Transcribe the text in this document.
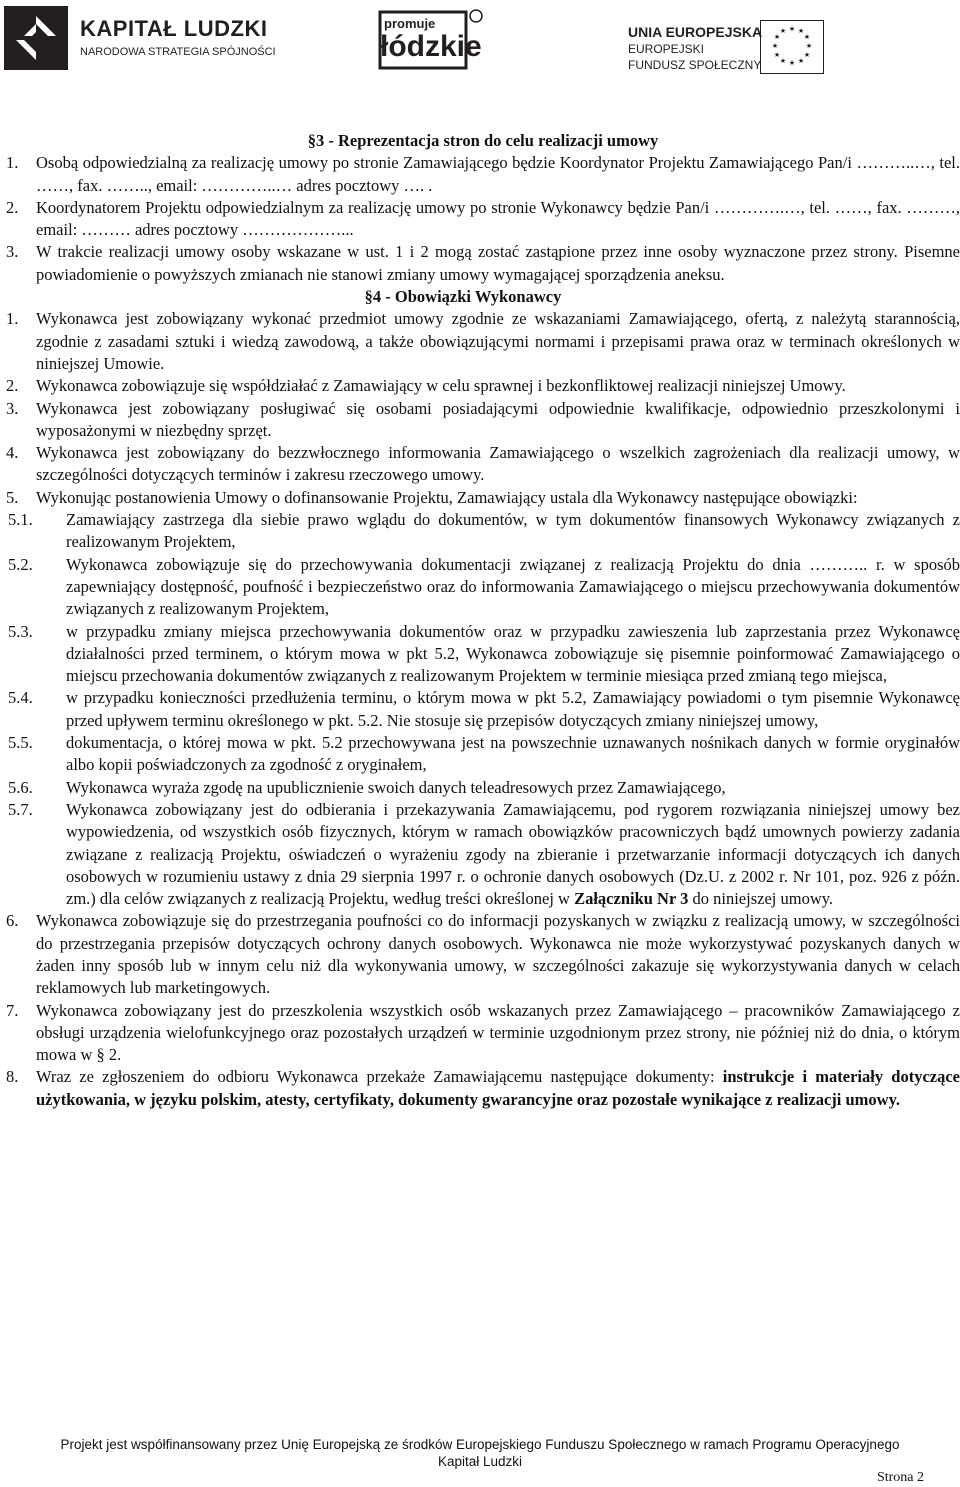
KAPITAŁ LUDZKI
NARODOWA STRATEGIA SPÓJNOŚCI
promuje
łódzkie	UNIA EUROPEJSKA
EUROPEJSKI
FUNDUSZ SPOŁECZNY
★ ★
★
★
★
★
★
★
★
★
★
★

§3 - Reprezentacja stron do celu realizacji umowy

1.	Osobą odpowiedzialną za realizację umowy po stronie Zamawiającego będzie Koordynator Projektu Zamawiającego Pan/i ………..…, tel. ……, fax. …….., email: …………..… adres pocztowy …. .
2.	Koordynatorem Projektu odpowiedzialnym za realizację umowy po stronie Wykonawcy będzie Pan/i ………….…, tel. ……, fax. ………, email: ……… adres pocztowy ………………...
3.	W trakcie realizacji umowy osoby wskazane w ust. 1 i 2 mogą zostać zastąpione przez inne osoby wyznaczone przez strony. Pisemne powiadomienie o powyższych zmianach nie stanowi zmiany umowy wymagającej sporządzenia aneksu.

§4 - Obowiązki Wykonawcy

1.	Wykonawca jest zobowiązany wykonać przedmiot umowy zgodnie ze wskazaniami Zamawiającego, ofertą, z należytą starannością, zgodnie z zasadami sztuki i wiedzą zawodową, a także obowiązującymi normami i przepisami prawa oraz w terminach określonych w niniejszej Umowie.
2.	Wykonawca zobowiązuje się współdziałać z Zamawiający w celu sprawnej i bezkonfliktowej realizacji niniejszej Umowy.
3.	Wykonawca jest zobowiązany posługiwać się osobami posiadającymi odpowiednie kwalifikacje, odpowiednio przeszkolonymi i wyposażonymi w niezbędny sprzęt.
4.	Wykonawca jest zobowiązany do bezzwłocznego informowania Zamawiającego o wszelkich zagrożeniach dla realizacji umowy, w szczególności dotyczących terminów i zakresu rzeczowego umowy.
5.	Wykonując postanowienia Umowy o dofinansowanie Projektu, Zamawiający ustala dla Wykonawcy następujące obowiązki:
5.1.	Zamawiający zastrzega dla siebie prawo wglądu do dokumentów, w tym dokumentów finansowych Wykonawcy związanych z realizowanym Projektem,
5.2.	Wykonawca zobowiązuje się do przechowywania dokumentacji związanej z realizacją Projektu do dnia ……….. r. w sposób zapewniający dostępność, poufność i bezpieczeństwo oraz do informowania Zamawiającego o miejscu przechowywania dokumentów związanych z realizowanym Projektem,
5.3.	w przypadku zmiany miejsca przechowywania dokumentów oraz w przypadku zawieszenia lub zaprzestania przez Wykonawcę działalności przed terminem, o którym mowa w pkt 5.2, Wykonawca zobowiązuje się pisemnie poinformować Zamawiającego o miejscu przechowania dokumentów związanych z realizowanym Projektem w terminie miesiąca przed zmianą tego miejsca,
5.4.	w przypadku konieczności przedłużenia terminu, o którym mowa w pkt 5.2, Zamawiający powiadomi o tym pisemnie Wykonawcę przed upływem terminu określonego w pkt. 5.2. Nie stosuje się przepisów dotyczących zmiany niniejszej umowy,
5.5.	dokumentacja, o której mowa w pkt. 5.2 przechowywana jest na powszechnie uznawanych nośnikach danych w formie oryginałów albo kopii poświadczonych za zgodność z oryginałem,
5.6.	Wykonawca wyraża zgodę na upublicznienie swoich danych teleadresowych przez Zamawiającego,
5.7.	Wykonawca zobowiązany jest do odbierania i przekazywania Zamawiającemu, pod rygorem rozwiązania niniejszej umowy bez wypowiedzenia, od wszystkich osób fizycznych, którym w ramach obowiązków pracowniczych bądź umownych powierzy zadania związane z realizacją Projektu, oświadczeń o wyrażeniu zgody na zbieranie i przetwarzanie informacji dotyczących ich danych osobowych w rozumieniu ustawy z dnia 29 sierpnia 1997 r. o ochronie danych osobowych (Dz.U. z 2002 r. Nr 101, poz. 926 z późn. zm.) dla celów związanych z realizacją Projektu, według treści określonej w Załączniku Nr 3 do niniejszej umowy.
6.	Wykonawca zobowiązuje się do przestrzegania poufności co do informacji pozyskanych w związku z realizacją umowy, w szczególności do przestrzegania przepisów dotyczących ochrony danych osobowych. Wykonawca nie może wykorzystywać pozyskanych danych w żaden inny sposób lub w innym celu niż dla wykonywania umowy, w szczególności zakazuje się wykorzystywania danych w celach reklamowych lub marketingowych.
7.	Wykonawca zobowiązany jest do przeszkolenia wszystkich osób wskazanych przez Zamawiającego – pracowników Zamawiającego z obsługi urządzenia wielofunkcyjnego oraz pozostałych urządzeń w terminie uzgodnionym przez strony, nie później niż do dnia, o którym mowa w § 2.
8.	Wraz ze zgłoszeniem do odbioru Wykonawca przekaże Zamawiającemu następujące dokumenty: instrukcje i materiały dotyczące użytkowania, w języku polskim, atesty, certyfikaty, dokumenty gwarancyjne oraz pozostałe wynikające z realizacji umowy.
Projekt jest współfinansowany przez Unię Europejską ze środków Europejskiego Funduszu Społecznego w ramach Programu Operacyjnego
Kapitał Ludzki
Strona 2
